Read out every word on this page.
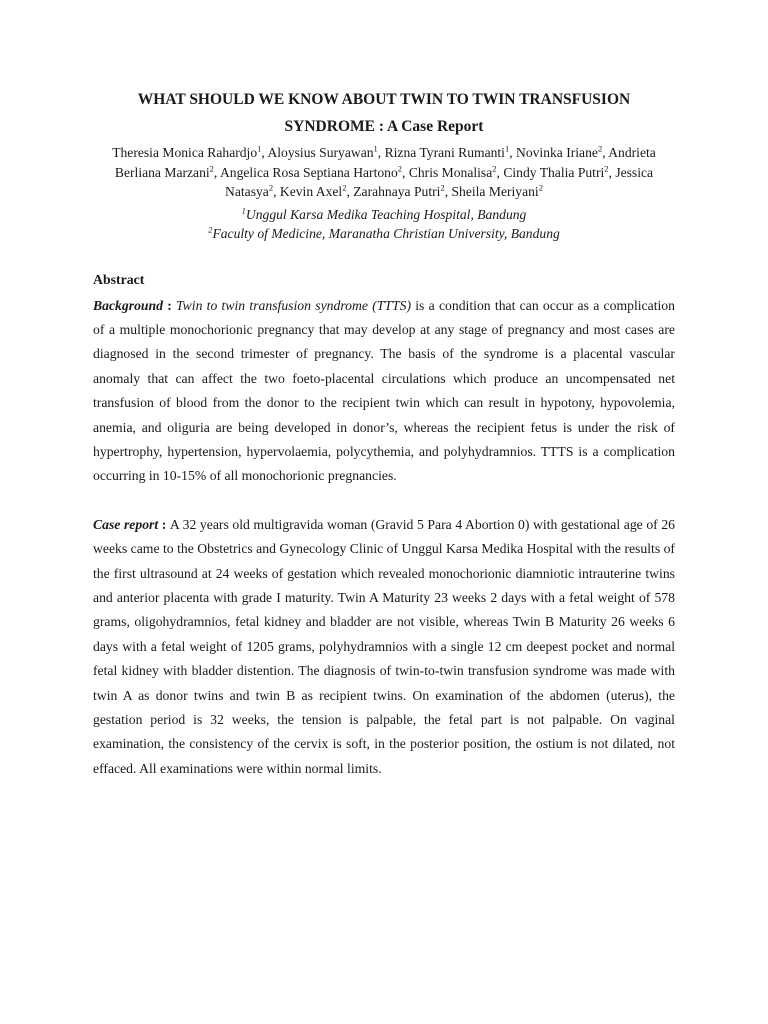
WHAT SHOULD WE KNOW ABOUT TWIN TO TWIN TRANSFUSION
SYNDROME : A Case Report
Theresia Monica Rahardjo$^1$, Aloysius Suryawan$^1$, Rizna Tyrani Rumanti$^1$, Novinka Iriane$^2$, Andrieta Berliana Marzani$^2$, Angelica Rosa Septiana Hartono$^2$, Chris Monalisa$^2$, Cindy Thalia Putri$^2$, Jessica Natasya$^2$, Kevin Axel$^2$, Zarahnaya Putri$^2$, Sheila Meriyani$^2$

$^1$Unggul Karsa Medika Teaching Hospital, Bandung

$^2$Faculty of Medicine, Maranatha Christian University, Bandung

Abstract

Background : Twin to twin transfusion syndrome (TTTS) is a condition that can occur as a complication of a multiple monochorionic pregnancy that may develop at any stage of pregnancy and most cases are diagnosed in the second trimester of pregnancy. The basis of the syndrome is a placental vascular anomaly that can affect the two foeto-placental circulations which produce an uncompensated net transfusion of blood from the donor to the recipient twin which can result in hypotony, hypovolemia, anemia, and oliguria are being developed in donor’s, whereas the recipient fetus is under the risk of hypertrophy, hypertension, hypervolaemia, polycythemia, and polyhydramnios. TTTS is a complication occurring in 10-15% of all monochorionic pregnancies.

Case report : A 32 years old multigravida woman (Gravid 5 Para 4 Abortion 0) with gestational age of 26 weeks came to the Obstetrics and Gynecology Clinic of Unggul Karsa Medika Hospital with the results of the first ultrasound at 24 weeks of gestation which revealed monochorionic diamniotic intrauterine twins and anterior placenta with grade I maturity. Twin A Maturity 23 weeks 2 days with a fetal weight of 578 grams, oligohydramnios, fetal kidney and bladder are not visible, whereas Twin B Maturity 26 weeks 6 days with a fetal weight of 1205 grams, polyhydramnios with a single 12 cm deepest pocket and normal fetal kidney with bladder distention. The diagnosis of twin-to-twin transfusion syndrome was made with twin A as donor twins and twin B as recipient twins. On examination of the abdomen (uterus), the gestation period is 32 weeks, the tension is palpable, the fetal part is not palpable. On vaginal examination, the consistency of the cervix is soft, in the posterior position, the ostium is not dilated, not effaced. All examinations were within normal limits.
